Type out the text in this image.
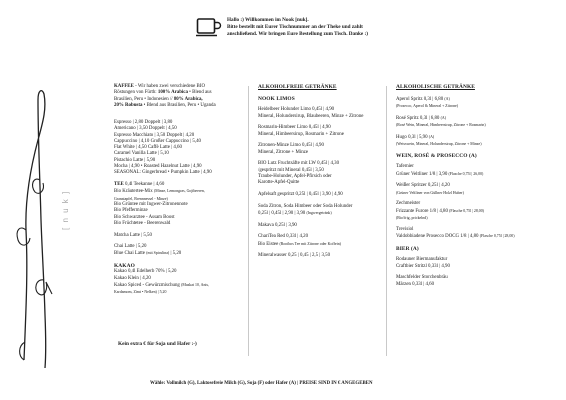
Hallo :) Willkommen im Nook [nuk].
Bitte bestellt mit Eurer Tischnummer an der Theke und zahlt
anschließend. Wir bringen Eure Bestellung zum Tisch. Danke :)
[ n u k ]
KAFFEE - Wir haben zwei verschiedene BIO
Röstungen von Fürth: 100% Arabica • Blend aus
Brasilien, Peru • Indonesien // 80% Arabica,
20% Robusta • Blend aus Brasilien, Peru • Uganda
Espresso | 2,80 Doppelt | 3,80
Americano | 3,50 Doppelt | 4,50
Espresso Macchiato | 3,50 Doppelt | 4,20
Cappuccino | 4,10 Großer Cappuccino | 5,40
Flat White | 4,50 Caffè Latte | 4,60
Caramel Vanilla Latte | 5,10
Pistachio Latte | 5,90
Mocha | 4,90 • Roasted Hazelnut Latte | 4,90
SEASONAL: Gingerbread • Pumpkin Latte | 4,90
TEE 0,4l Teekanne | 4,60
Bio Kräutertee-Mix (Minze, Lemongras, Gojibeeren,
Granatapfel, Brennnessel - Minze)
Bio Grüntee mit Ingwer-Zitronennote
Bio Pfefferminze
Bio Schwarztee - Assam Boost
Bio Früchtetee - Beerenwald
Matcha Latte | 5,50
Chai Latte | 5,20
Blue Chai Latte (mit Spirulina) | 5,20
KAKAO
Kakao 0,4l Edelherb 70% | 5,20
Kakao Klein | 4,20
Kakao Spiced - Gewürzmischung (Muskat 10, Anis,
Kardamom, Zimt • Nelken) | 5,20
ALKOHOLFREIE GETRÄNKE
NOOK LIMOS
Heidelbeer Holunder Limo 0,45l | 4,90
Mineral, Holundersirup, Blaubeeren, Minze + Zitrone
Rosmarin-Himbeer Limo 0,45l | 4,90
Mineral, Himbeersirup, Rosmarin + Zitrone
Zitronen-Minze Limo 0,45l | 4,90
Mineral, Zitrone + Minze
BIO Lutz Fruchtsäfte mit LW 0,45l | 4,30
/gespritzt mit Mineral 0,45l | 3,50
Traube-Holunder, Apfel-Pfirsich oder
Karotte-Apfel-Quitte
Apfelsaft gespritzt 0,25l | 0,45l | 3,90 | 4,90
Soda Zitron, Soda Himbeer oder Soda Holunder
0,25l | 0,45l | 2,90 | 3,90 (Ingwergetränk)
Makava 0,25l | 3,90
ChariTea Red 0,33l | 4,20
Bio Eistee (Rooibos Tee mit Zitrone oder Koffein)
Mineralwasser 0,25 | 0,45 | 2,5 | 3,50
ALKOHOLISCHE GETRÄNKE
Aperol Spritz 0,3l | 6,80 (A)
(Prosecco, Aperol & Mineral + Zitrone)
Rosé Spritz 0,3l | 6,80 (A)
(Rosé Wein, Mineral, Himbeersirup, Zitrone + Rosmarin)
Hugo 0,3l | 5,90 (A)
(Weisswein, Mineral, Holundersirup, Zitrone + Minze)
WEIN, ROSÉ & PROSECCO (A)
Tafernier
Grüner Veltliner 1/8 | 3,90 (Flasche 0,75l | 26,00)
Weißer Spritzer 0,25l | 4,20
(Grüner Veltliner von Güllner Holzl Huber)
Zechmeister
Frizzante Furore 1/8 | 4,80 (Flasche 0,75l | 28,00)
(Bio/frig, prickelnd)
Trevisiol
Valdobbiadene Prosecco DOCG 1/8 | 4,80 (Flasche 0,75l | 28,00)
BIER (A)
Rodauner Biermanufaktur
Craftbier Stritzl 0,33l | 4,90
Maschfelder Storchenbräu
Märzen 0,33l | 4,60
Kein extra € für Soja und Hafer :-)
Wähle: Vollmilch (G), Laktosefreie Milch (G), Soja (F) oder Hafer (A) | PREISE SIND IN € ANGEGEBEN
